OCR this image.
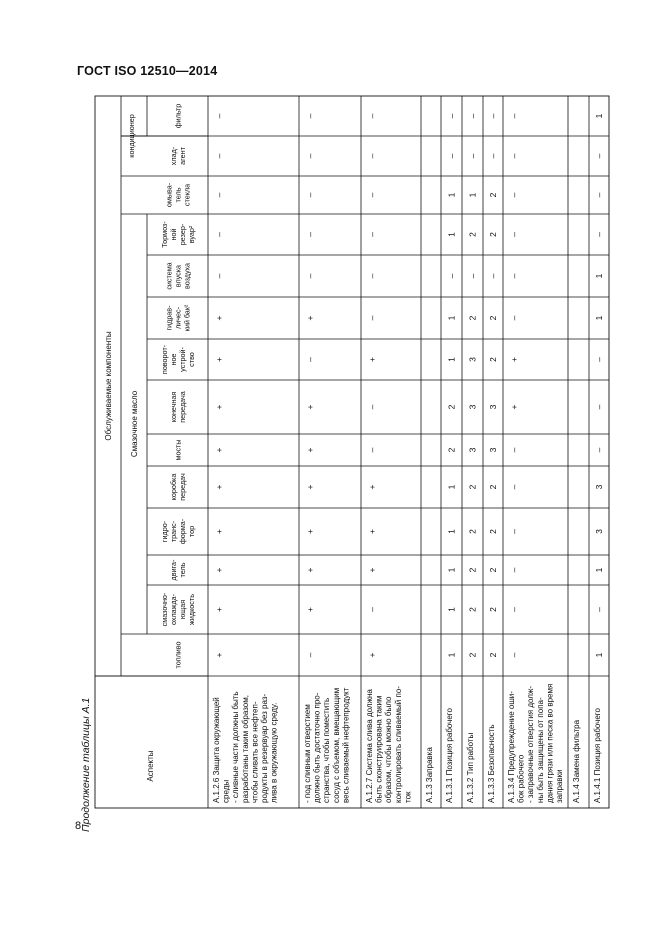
ГОСТ ISO 12510—2014
8
Продолжение таблицы А.1	Аспекты
Обслуживаемые компоненты Смазочное масло
кондиционер
топливо
смазочно- охлажда- ющая жидкость
двига- тель
гидро- транс- форма- тор
коробка передач
мосты
конечная передача
поворот- ное устрой- ство
гидрав- личес- кий бак²
система впуска воздуха
Тормоз- ной резер- вуар²
омыва- тель стекла
хлад- агент
фильтр
А.1.2.6 Защита окружающей среды - сливные части должны быть разработаны таким образом, чтобы сливать все нефтеп- родукты в резервуар без раз- лива в окружающую среду.
+
+
+
+
+
+
+
+
+
–
–
–
–
–
- под сливным отверстием должно быть достаточно про- странства, чтобы поместить сосуд с объемом, вмещающим весь сливаемый нефтепродукт
–
+
+
+
+
+
+
–
+
–
–
–
–
–
А.1.2.7 Система слива должна быть сконструирована таким образом, чтобы можно было контролировать сливаемый по- ток
+
–
+
+
+
–
–
+
–
–
–
–
–
–
А.1.3 Заправка А.1.3.1 Позиция рабочего
1
1
1
1
1
2
2
1
1
–
1
1
–
–
А.1.3.2 Тип работы
2
2
2
2
2
3
3
3
2
–
2
1
–
–
А.1.3.3 Безопасность
2
2
2
2
2
3
3
2
2
–
2
2
–
–
А.1.3.4 Предупреждение оши- бок рабочего - заправочные отверстия долж- ны быть защищены от попа- дания грязи или песка во время заправки
–
–
–
–
–
–
+
+
–
–
–
–
–
–
А.1.4 Замена фильтра А.1.4.1 Позиция рабочего
1
–
1
3
3
–
–
–
1
1
–
–
–
1
